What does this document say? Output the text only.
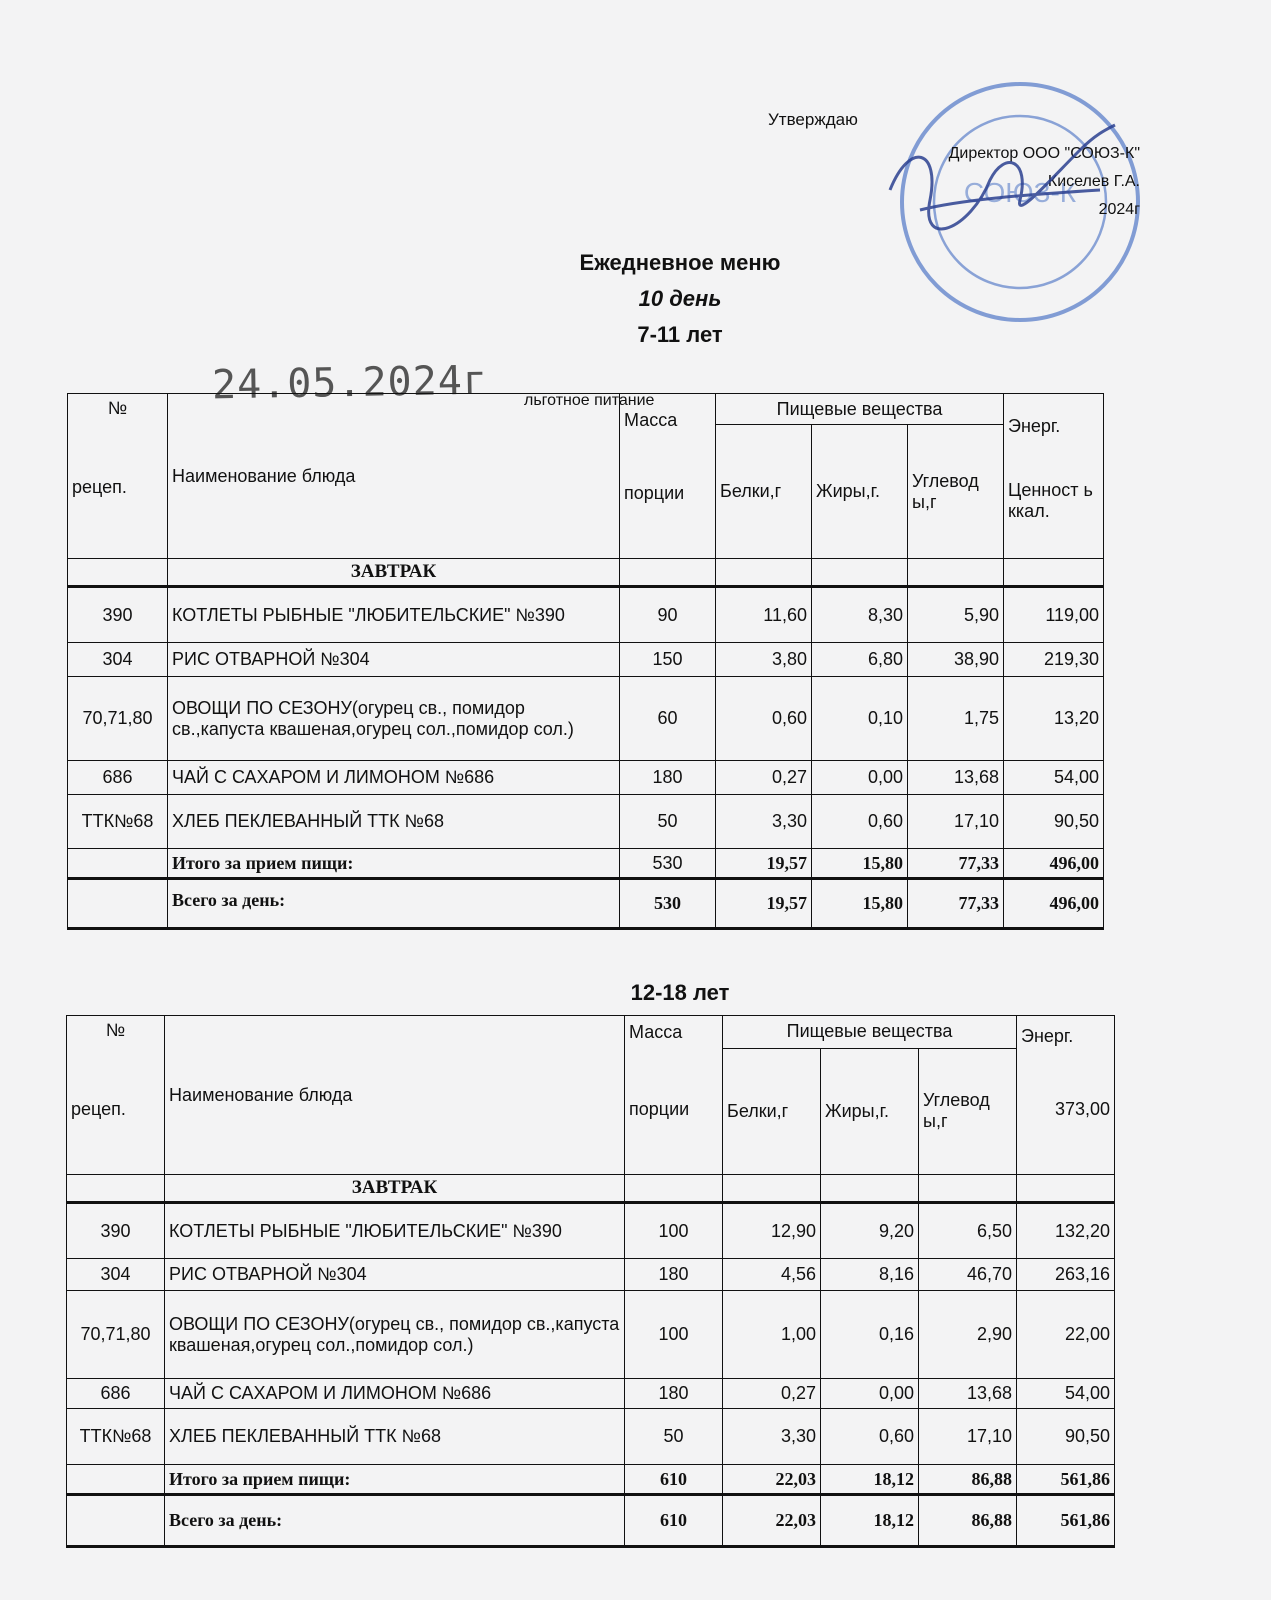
Утверждаю
СОЮЗ-К
Директор ООО "СОЮЗ-К"
Киселев Г.А.
2024г
Ежедневное меню
10 день
7-11 лет
24.05.2024г льготное питание
№
рецеп.	Наименование блюда	Масса
порции	Пищевые вещества			Энерг.
Ценност ь ккал.

			Белки,г	Жиры,г.	Углевод ы,г	
	ЗАВТРАК					
390	КОТЛЕТЫ РЫБНЫЕ "ЛЮБИТЕЛЬСКИЕ" №390	90	11,60	8,30	5,90	119,00
304	РИС ОТВАРНОЙ №304	150	3,80	6,80	38,90	219,30
70,71,80	ОВОЩИ ПО СЕЗОНУ(огурец св., помидор св.,капуста квашеная,огурец сол.,помидор сол.)	60	0,60	0,10	1,75	13,20
686	ЧАЙ С САХАРОМ И ЛИМОНОМ №686	180	0,27	0,00	13,68	54,00
ТТК№68	ХЛЕБ ПЕКЛЕВАННЫЙ ТТК №68	50	3,30	0,60	17,10	90,50
	Итого за прием пищи:	530	19,57	15,80	77,33	496,00
	Всего за день:	530	19,57	15,80	77,33	496,00
12-18 лет
№
рецеп.	Наименование блюда	Масса
порции	Пищевые вещества			Энерг.
373,00

			Белки,г	Жиры,г.	Углевод ы,г	
	ЗАВТРАК					
390	КОТЛЕТЫ РЫБНЫЕ "ЛЮБИТЕЛЬСКИЕ" №390	100	12,90	9,20	6,50	132,20
304	РИС ОТВАРНОЙ №304	180	4,56	8,16	46,70	263,16
70,71,80	ОВОЩИ ПО СЕЗОНУ(огурец св., помидор св.,капуста квашеная,огурец сол.,помидор сол.)	100	1,00	0,16	2,90	22,00
686	ЧАЙ С САХАРОМ И ЛИМОНОМ №686	180	0,27	0,00	13,68	54,00
ТТК№68	ХЛЕБ ПЕКЛЕВАННЫЙ ТТК №68	50	3,30	0,60	17,10	90,50
	Итого за прием пищи:	610	22,03	18,12	86,88	561,86
	Всего за день:	610	22,03	18,12	86,88	561,86
